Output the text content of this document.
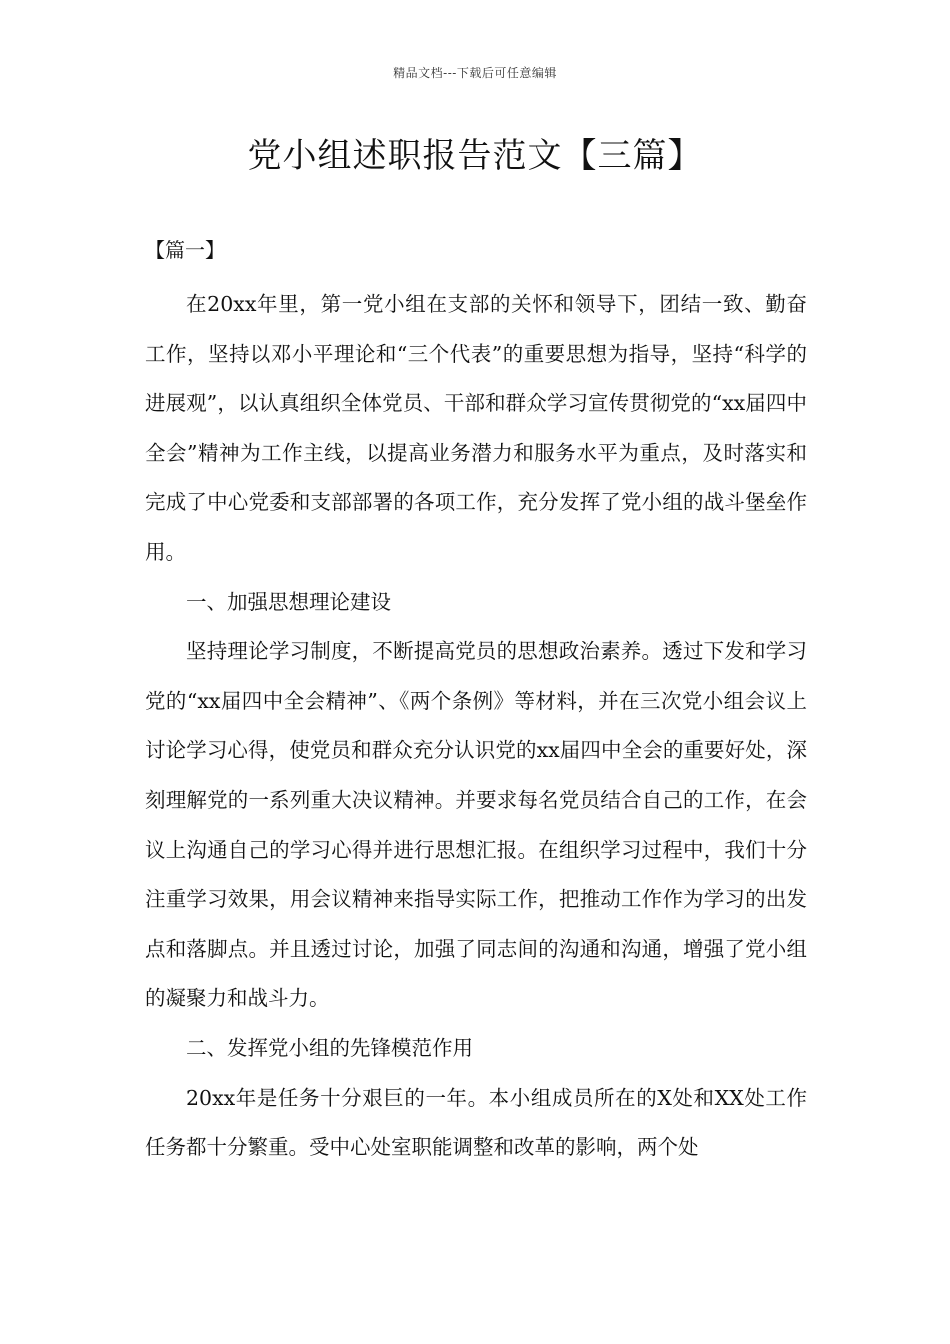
精品文档---下载后可任意编辑
党小组述职报告范文【三篇】
【篇一】

在20xx年里，第一党小组在支部的关怀和领导下，团结一致、勤奋工作，坚持以邓小平理论和“三个代表”的重要思想为指导，坚持“科学的进展观”，以认真组织全体党员、干部和群众学习宣传贯彻党的“xx届四中全会”精神为工作主线，以提高业务潜力和服务水平为重点，及时落实和完成了中心党委和支部部署的各项工作，充分发挥了党小组的战斗堡垒作用。

一、加强思想理论建设

坚持理论学习制度，不断提高党员的思想政治素养。透过下发和学习党的“xx届四中全会精神”、《两个条例》等材料，并在三次党小组会议上讨论学习心得，使党员和群众充分认识党的xx届四中全会的重要好处，深刻理解党的一系列重大决议精神。并要求每名党员结合自己的工作，在会议上沟通自己的学习心得并进行思想汇报。在组织学习过程中，我们十分注重学习效果，用会议精神来指导实际工作，把推动工作作为学习的出发点和落脚点。并且透过讨论，加强了同志间的沟通和沟通，增强了党小组的凝聚力和战斗力。

二、发挥党小组的先锋模范作用

20xx年是任务十分艰巨的一年。本小组成员所在的X处和XX处工作任务都十分繁重。受中心处室职能调整和改革的影响，两个处
